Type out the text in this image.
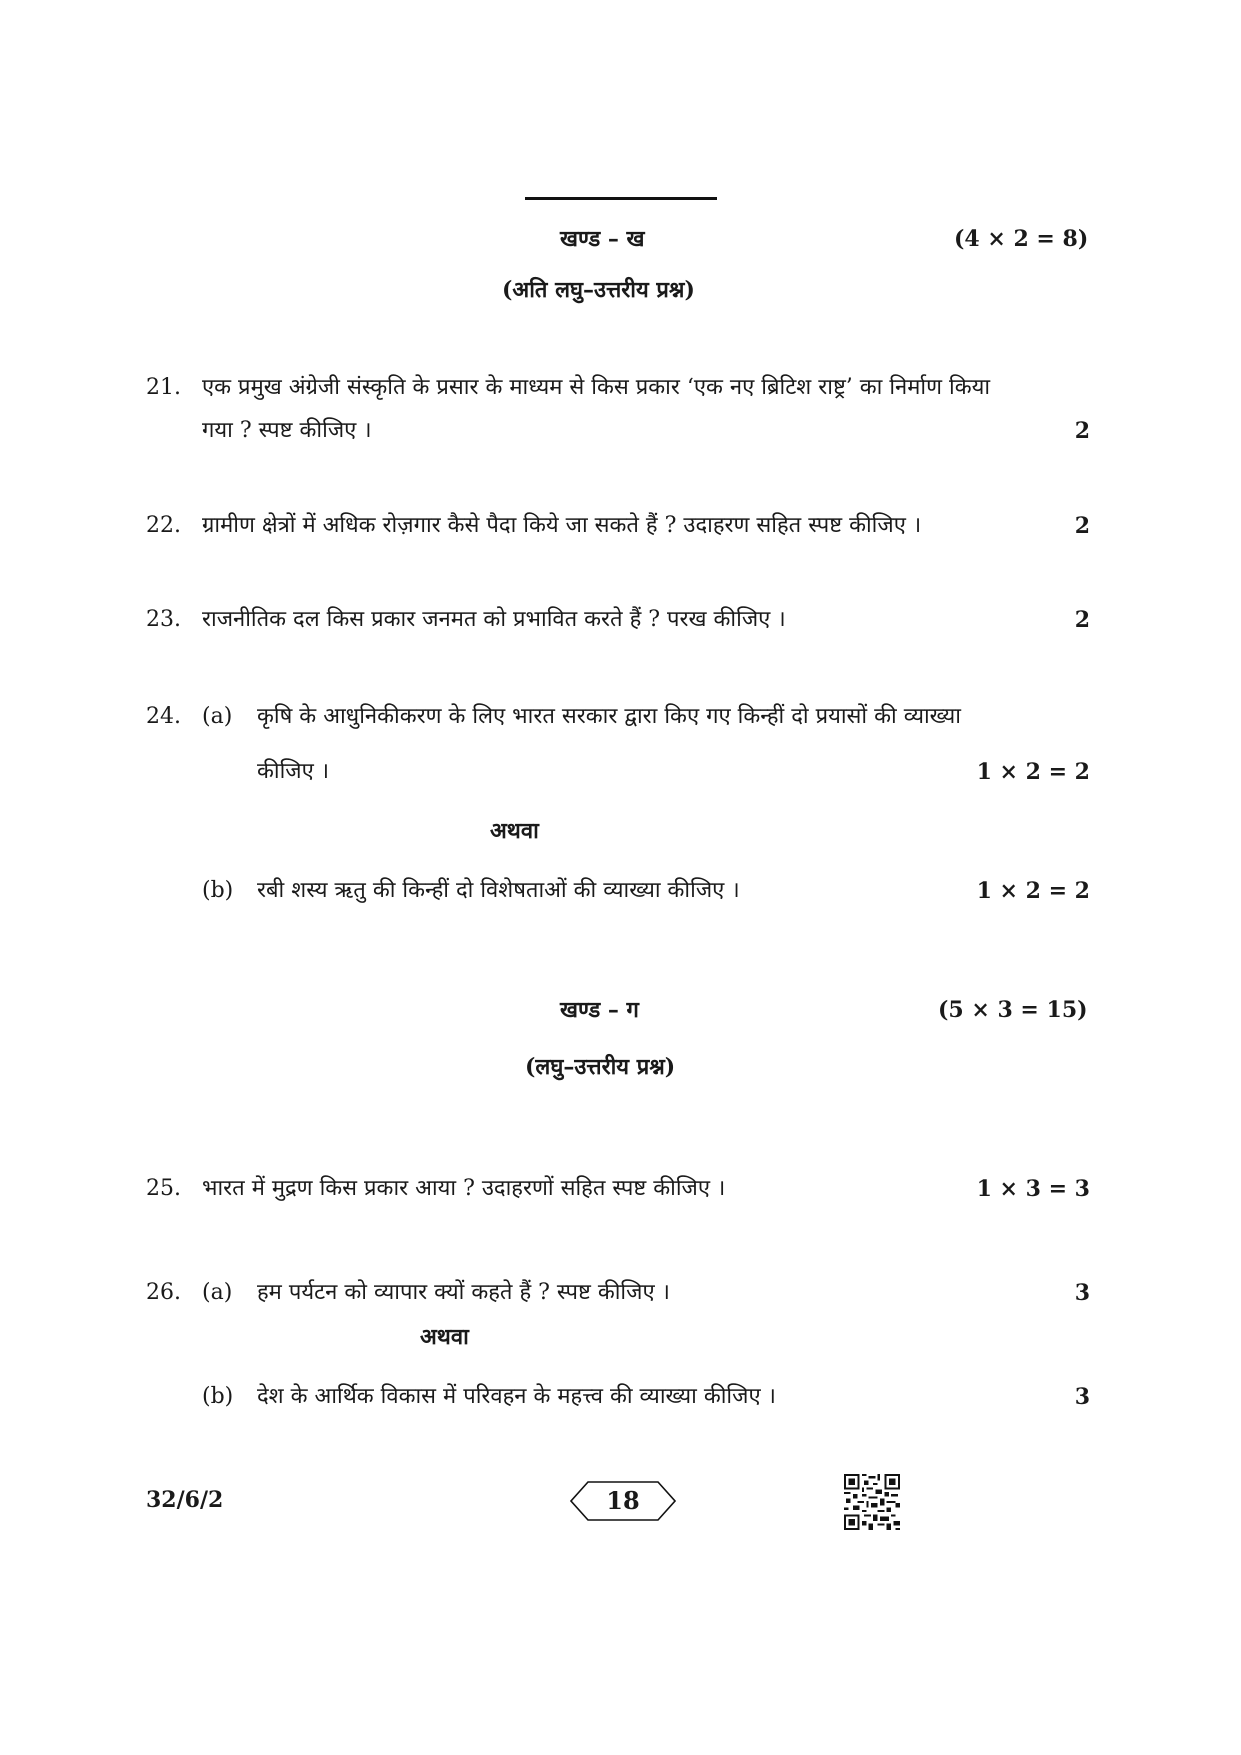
खण्ड – ख	(4 × 2 = 8)
(अति लघु–उत्तरीय प्रश्न)
21. एक प्रमुख अंग्रेजी संस्कृति के प्रसार के माध्यम से किस प्रकार ‘एक नए ब्रिटिश राष्ट्र’ का निर्माण किया
गया ? स्पष्ट कीजिए ।	2
22. ग्रामीण क्षेत्रों में अधिक रोज़गार कैसे पैदा किये जा सकते हैं ? उदाहरण सहित स्पष्ट कीजिए ।	2
23. राजनीतिक दल किस प्रकार जनमत को प्रभावित करते हैं ? परख कीजिए ।	2
24. (a) कृषि के आधुनिकीकरण के लिए भारत सरकार द्वारा किए गए किन्हीं दो प्रयासों की व्याख्या
कीजिए ।	1 × 2 = 2
अथवा
(b) रबी शस्य ऋतु की किन्हीं दो विशेषताओं की व्याख्या कीजिए ।	1 × 2 = 2
खण्ड – ग	(5 × 3 = 15)
(लघु–उत्तरीय प्रश्न)
25. भारत में मुद्रण किस प्रकार आया ? उदाहरणों सहित स्पष्ट कीजिए ।	1 × 3 = 3
26. (a) हम पर्यटन को व्यापार क्यों कहते हैं ? स्पष्ट कीजिए ।	3
अथवा
(b) देश के आर्थिक विकास में परिवहन के महत्त्व की व्याख्या कीजिए ।	3
32/6/2	18
